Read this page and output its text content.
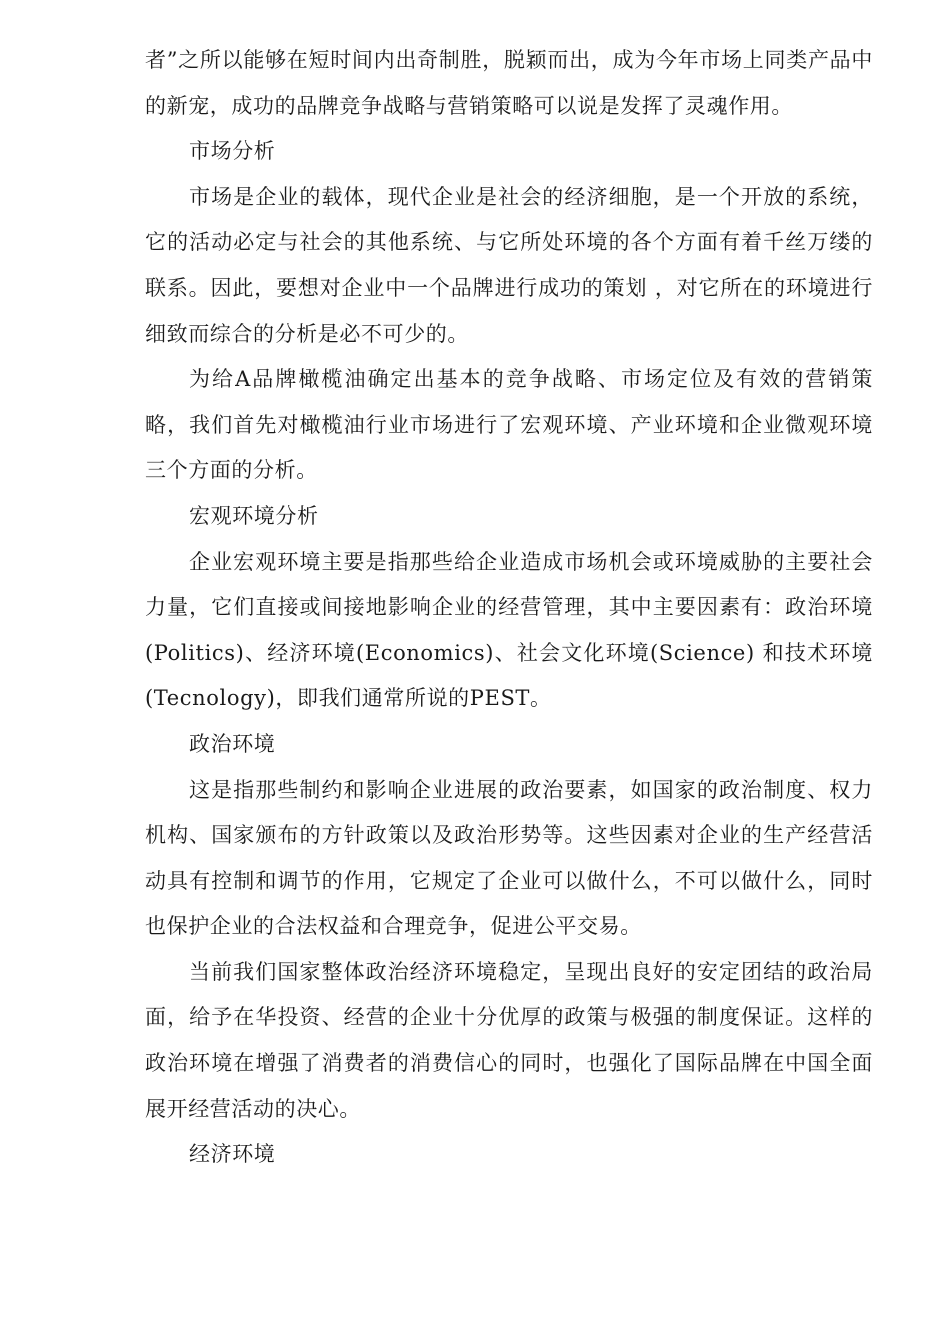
者”之所以能够在短时间内出奇制胜，脱颖而出，成为今年市场上同类产品中的新宠，成功的品牌竞争战略与营销策略可以说是发挥了灵魂作用。

市场分析

市场是企业的载体，现代企业是社会的经济细胞，是一个开放的系统，它的活动必定与社会的其他系统、与它所处环境的各个方面有着千丝万缕的联系。因此，要想对企业中一个品牌进行成功的策划 ，对它所在的环境进行细致而综合的分析是必不可少的。

为给A品牌橄榄油确定出基本的竞争战略、市场定位及有效的营销策略，我们首先对橄榄油行业市场进行了宏观环境、产业环境和企业微观环境三个方面的分析。

宏观环境分析

企业宏观环境主要是指那些给企业造成市场机会或环境威胁的主要社会力量，它们直接或间接地影响企业的经营管理，其中主要因素有：政治环境(Politics)、经济环境(Economics)、社会文化环境(Science) 和技术环境(Tecnology)，即我们通常所说的PEST。

政治环境

这是指那些制约和影响企业进展的政治要素，如国家的政治制度、权力机构、国家颁布的方针政策以及政治形势等。这些因素对企业的生产经营活动具有控制和调节的作用，它规定了企业可以做什么，不可以做什么，同时也保护企业的合法权益和合理竞争，促进公平交易。

当前我们国家整体政治经济环境稳定，呈现出良好的安定团结的政治局面，给予在华投资、经营的企业十分优厚的政策与极强的制度保证。这样的政治环境在增强了消费者的消费信心的同时，也强化了国际品牌在中国全面展开经营活动的决心。

经济环境
